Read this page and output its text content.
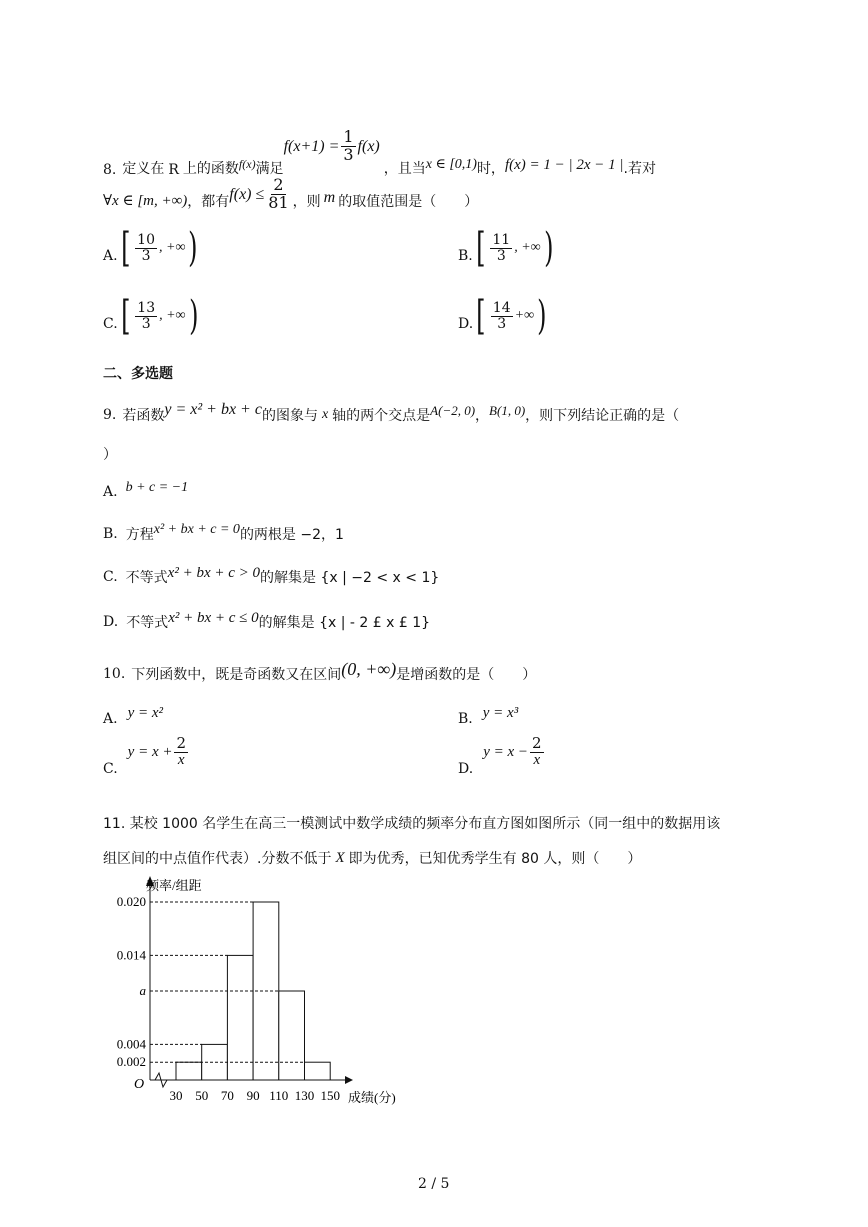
8. 定义在 R 上的函数 f(x) 满足
$f(x+1) = \frac{1}{3} f(x)$
，且当 x ∈ [0,1) 时， f(x) = 1 − | 2x − 1 | .若对
∀x ∈ [m, +∞) ，都有 $f(x) \le \frac{2}{81}$ ，则 m 的取值范围是（　　）
A. [ $\frac{10}{3}$ , +∞ )	B. [ $\frac{11}{3}$ , +∞ )
C. [ $\frac{13}{3}$ , +∞ )	D. [ $\frac{14}{3}$ +∞ )
二、多选题
9. 若函数 y = x² + bx + c 的图象与 x 轴的两个交点是 A(−2, 0) ， B(1, 0) ，则下列结论正确的是（
）
A. b + c = −1
B. 方程 x² + bx + c = 0 的两根是 −2，1
C. 不等式 x² + bx + c > 0 的解集是 {x | −2 < x < 1}
D. 不等式 x² + bx + c ≤ 0 的解集是 {x | - 2 £ x £ 1}
10. 下列函数中，既是奇函数又在区间 (0, +∞) 是增函数的是（　　）
A. y = x²	B. y = x³
C.
$y = x + \frac{2}{x}$	D.
$y = x - \frac{2}{x}$
11. 某校 1000 名学生在高三一模测试中数学成绩的频率分布直方图如图所示（同一组中的数据用该
组区间的中点值作代表）.分数不低于 X 即为优秀，已知优秀学生有 80 人，则（　　）
0.002
0.004
a
0.014
0.020
30 50 70 90 110 130 150
O
频率/组距
成绩(分)
2 / 5
